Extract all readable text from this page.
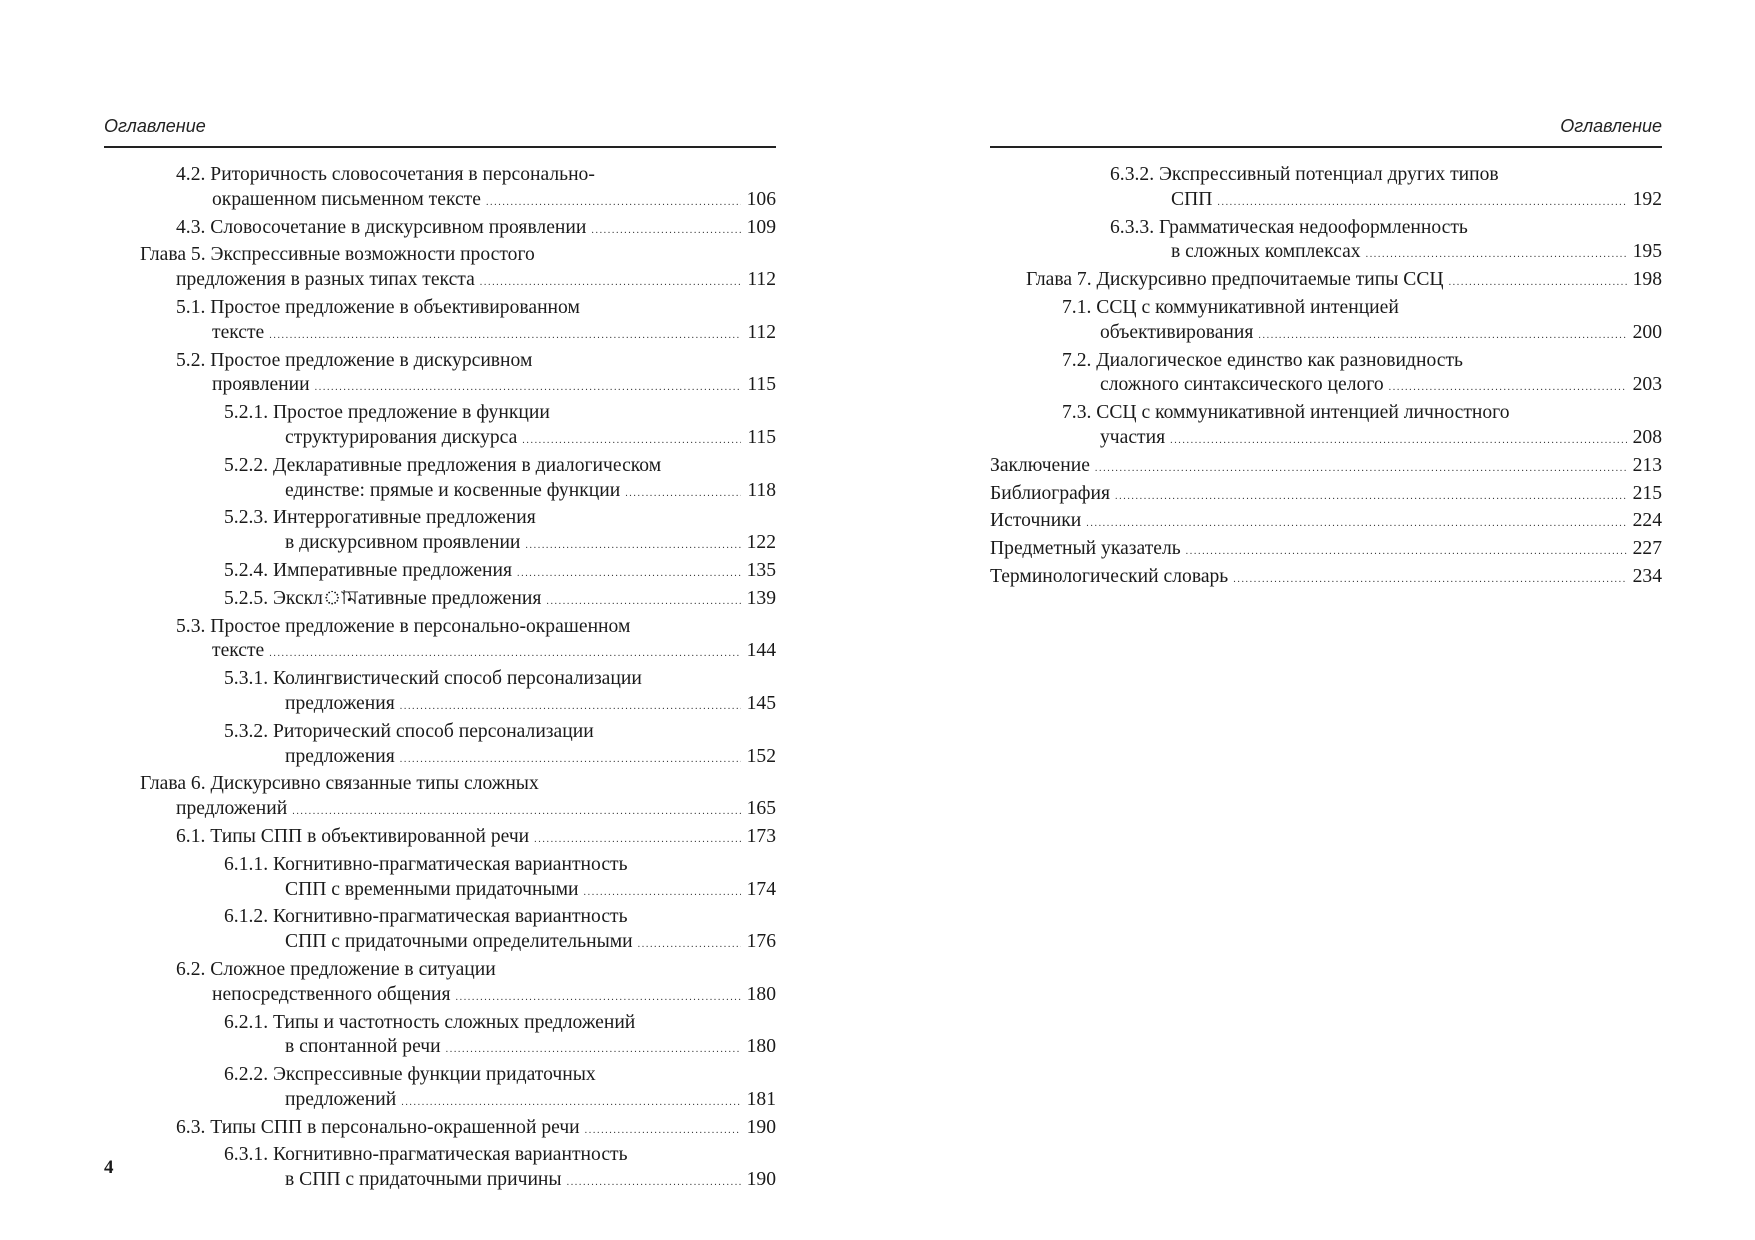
Оглавление
4.2. Риторичность словосочетания в персонально-
окрашенном письменном тексте .....	106
4.3. Словосочетание в дискурсивном проявлении .....	109
Глава 5. Экспрессивные возможности простого
предложения в разных типах текста .....	112
5.1. Простое предложение в объективированном
тексте .....	112
5.2. Простое предложение в дискурсивном
проявлении .....	115
5.2.1. Простое предложение в функции
структурирования дискурса .....	115
5.2.2. Декларативные предложения в диалогическом
единстве: прямые и косвенные функции .....	118
5.2.3. Интеррогативные предложения
в дискурсивном проявлении .....	122
5.2.4. Императивные предложения .....	135
5.2.5. Эксклামативные предложения .....	139
5.3. Простое предложение в персонально-окрашенном
тексте .....	144
5.3.1. Колингвистический способ персонализации
предложения .....	145
5.3.2. Риторический способ персонализации
предложения .....	152
Глава 6. Дискурсивно связанные типы сложных
предложений .....	165
6.1. Типы СПП в объективированной речи .....	173
6.1.1. Когнитивно-прагматическая вариантность
СПП с временными придаточными .....	174
6.1.2. Когнитивно-прагматическая вариантность
СПП с придаточными определительными .....	176
6.2. Сложное предложение в ситуации
непосредственного общения .....	180
6.2.1. Типы и частотность сложных предложений
в спонтанной речи .....	180
6.2.2. Экспрессивные функции придаточных
предложений .....	181
6.3. Типы СПП в персонально-окрашенной речи .....	190
6.3.1. Когнитивно-прагматическая вариантность
в СПП с придаточными причины .....	190
4
Оглавление
6.3.2. Экспрессивный потенциал других типов
СПП .....	192
6.3.3. Грамматическая недооформленность
в сложных комплексах .....	195
Глава 7. Дискурсивно предпочитаемые типы ССЦ .....	198
7.1. ССЦ с коммуникативной интенцией
объективирования .....	200
7.2. Диалогическое единство как разновидность
сложного синтаксического целого .....	203
7.3. ССЦ с коммуникативной интенцией личностного
участия .....	208
Заключение .....	213
Библиография .....	215
Источники .....	224
Предметный указатель .....	227
Терминологический словарь .....	234
